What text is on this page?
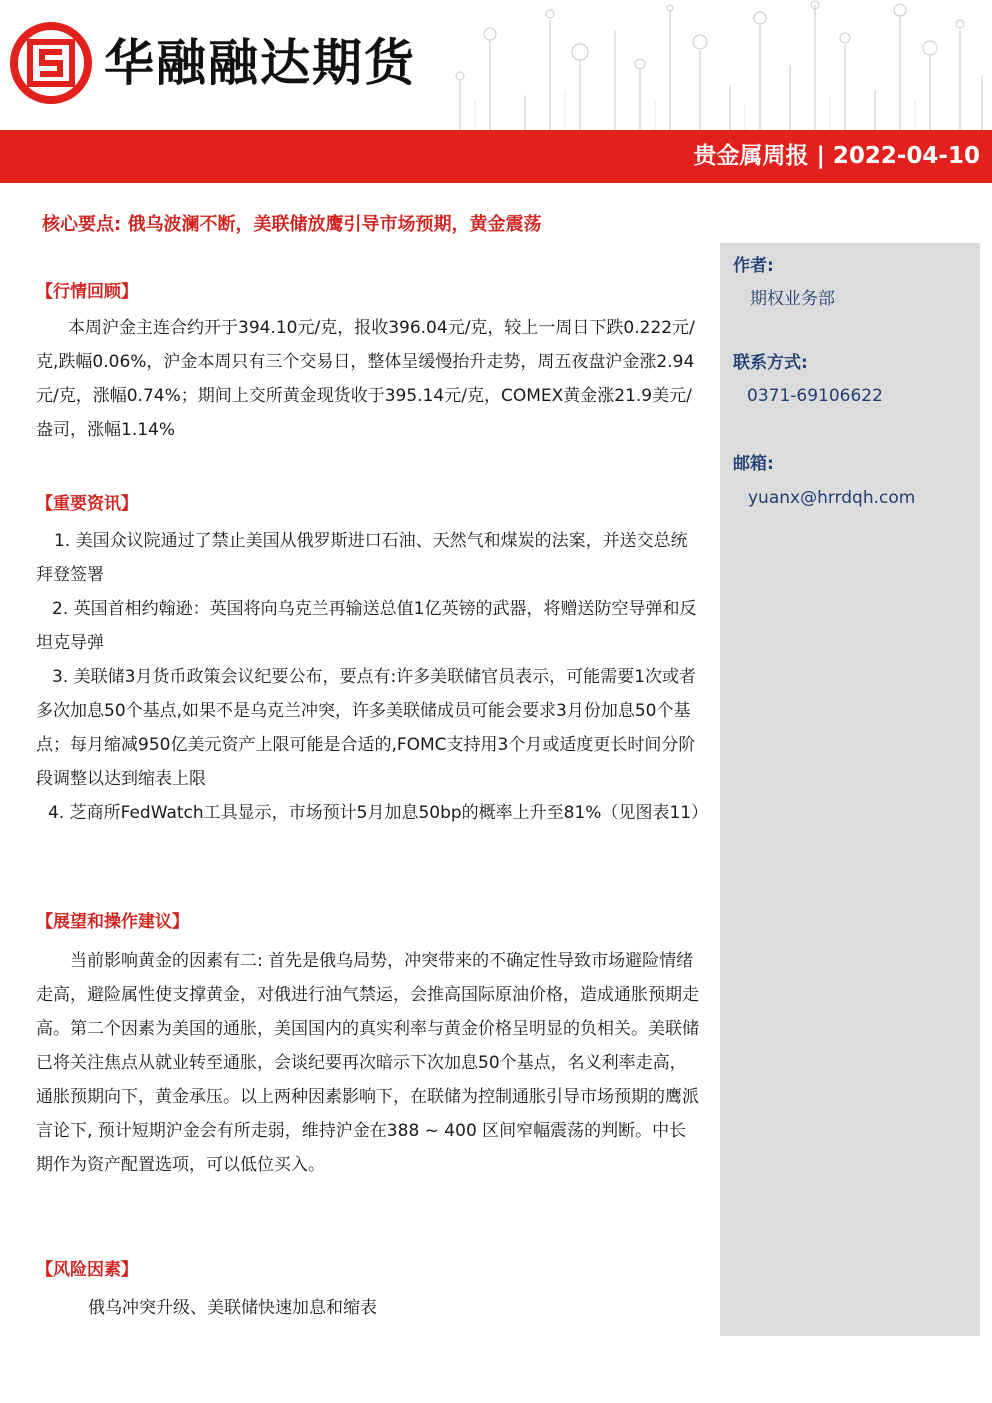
华融融达期货
贵金属周报 | 2022-04-10
核心要点: 俄乌波澜不断，美联储放鹰引导市场预期，黄金震荡
作者:
期权业务部
联系方式:
0371-69106622
邮箱:
yuanx@hrrdqh.com
【行情回顾】

本周沪金主连合约开于394.10元/克，报收396.04元/克，较上一周日下跌0.222元/克,跌幅0.06%，沪金本周只有三个交易日，整体呈缓慢抬升走势，周五夜盘沪金涨2.94元/克，涨幅0.74%；期间上交所黄金现货收于395.14元/克，COMEX黄金涨21.9美元/盎司，涨幅1.14%

【重要资讯】

1. 美国众议院通过了禁止美国从俄罗斯进口石油、天然气和煤炭的法案，并送交总统拜登签署

2. 英国首相约翰逊：英国将向乌克兰再输送总值1亿英镑的武器，将赠送防空导弹和反坦克导弹

3. 美联储3月货币政策会议纪要公布，要点有:许多美联储官员表示，可能需要1次或者多次加息50个基点,如果不是乌克兰冲突，许多美联储成员可能会要求3月份加息50个基点；每月缩减950亿美元资产上限可能是合适的,FOMC支持用3个月或适度更长时间分阶段调整以达到缩表上限

4. 芝商所FedWatch工具显示，市场预计5月加息50bp的概率上升至81%（见图表11）

【展望和操作建议】

当前影响黄金的因素有二: 首先是俄乌局势，冲突带来的不确定性导致市场避险情绪走高，避险属性使支撑黄金，对俄进行油气禁运，会推高国际原油价格，造成通胀预期走高。第二个因素为美国的通胀，美国国内的真实利率与黄金价格呈明显的负相关。美联储已将关注焦点从就业转至通胀，会谈纪要再次暗示下次加息50个基点，名义利率走高，通胀预期向下，黄金承压。以上两种因素影响下，在联储为控制通胀引导市场预期的鹰派言论下, 预计短期沪金会有所走弱，维持沪金在388 ~ 400 区间窄幅震荡的判断。中长期作为资产配置选项，可以低位买入。

【风险因素】

俄乌冲突升级、美联储快速加息和缩表
